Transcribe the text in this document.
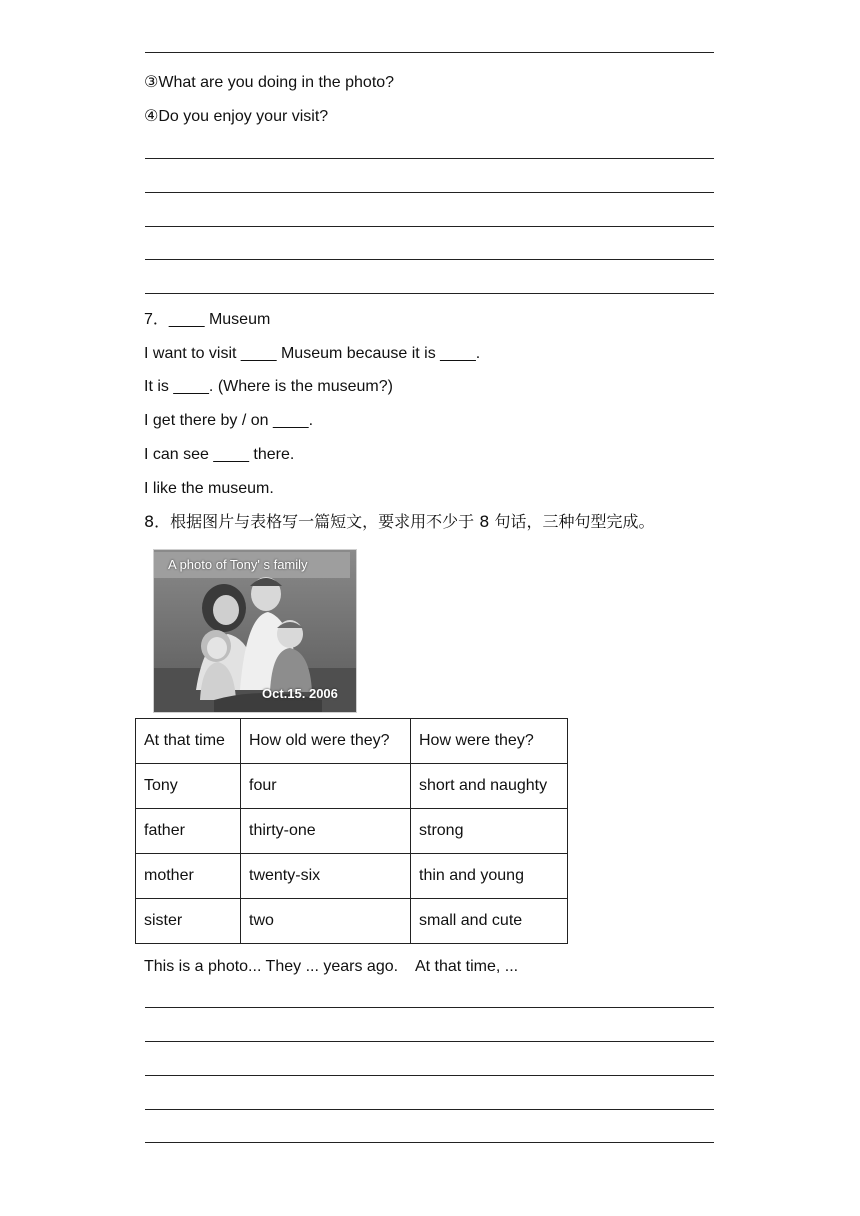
③What are you doing in the photo?
④Do you enjoy your visit?
7．____ Museum
I want to visit ____ Museum because it is ____.
It is ____. (Where is the museum?)
I get there by / on ____.
I can see ____ there.
I like the museum.
8．根据图片与表格写一篇短文，要求用不少于 8 句话，三种句型完成。
A photo of Tony' s family
Oct.15. 2006
At that time	How old were they?	How were they?
Tony	four	short and naughty
father	thirty-one	strong
mother	twenty-six	thin and young
sister	two	small and cute
This is a photo... They ... years ago.    At that time, ...
